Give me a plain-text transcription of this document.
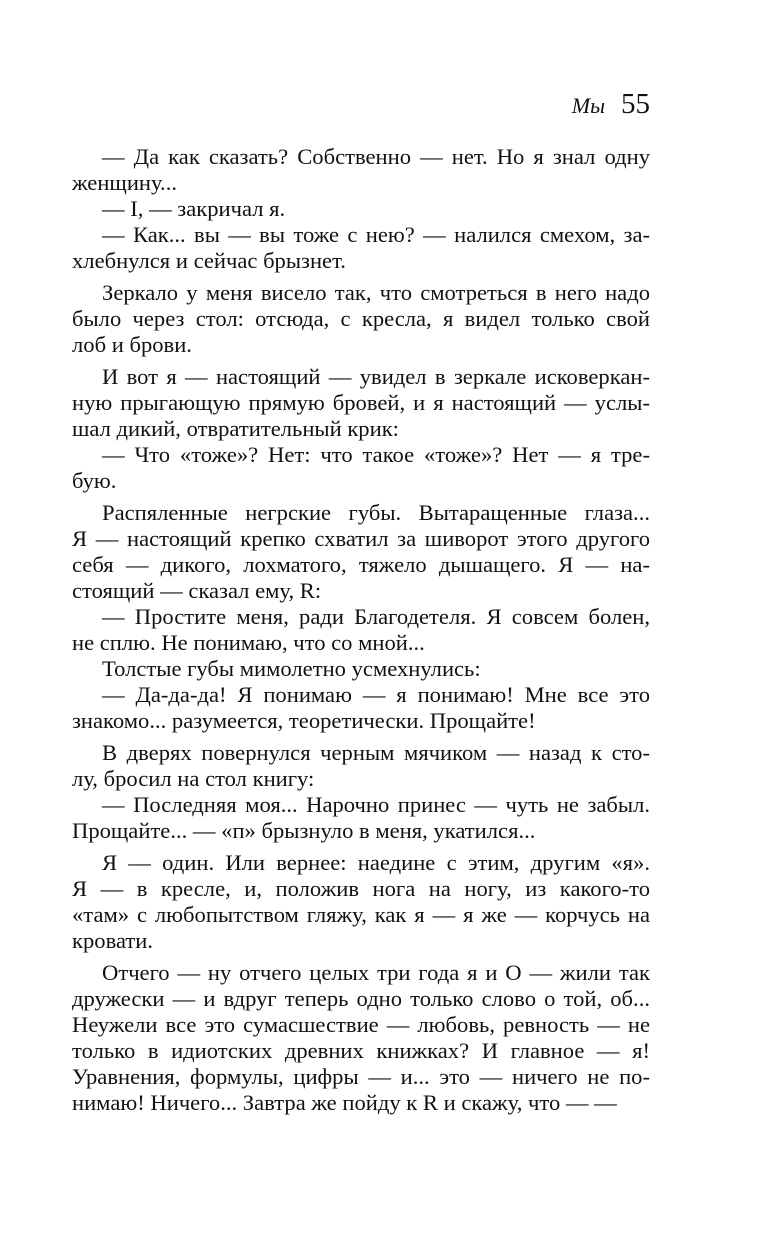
Мы 55
— Да как сказать? Собственно — нет. Но я знал одну
женщину...
— I, — закричал я.
— Как... вы — вы тоже с нею? — налился смехом, за-
хлебнулся и сейчас брызнет.
Зеркало у меня висело так, что смотреться в него надо
было через стол: отсюда, с кресла, я видел только свой
лоб и брови.
И вот я — настоящий — увидел в зеркале исковеркан-
ную прыгающую прямую бровей, и я настоящий — услы-
шал дикий, отвратительный крик:
— Что «тоже»? Нет: что такое «тоже»? Нет — я тре-
бую.
Распяленные негрские губы. Вытаращенные глаза...
Я — настоящий крепко схватил за шиворот этого другого
себя — дикого, лохматого, тяжело дышащего. Я — на-
стоящий — сказал ему, R:
— Простите меня, ради Благодетеля. Я совсем болен,
не сплю. Не понимаю, что со мной...
Толстые губы мимолетно усмехнулись:
— Да-да-да! Я понимаю — я понимаю! Мне все это
знакомо... разумеется, теоретически. Прощайте!
В дверях повернулся черным мячиком — назад к сто-
лу, бросил на стол книгу:
— Последняя моя... Нарочно принес — чуть не забыл.
Прощайте... — «п» брызнуло в меня, укатился...
Я — один. Или вернее: наедине с этим, другим «я».
Я — в кресле, и, положив нога на ногу, из какого-то
«там» с любопытством гляжу, как я — я же — корчусь на
кровати.
Отчего — ну отчего целых три года я и О — жили так
дружески — и вдруг теперь одно только слово о той, об...
Неужели все это сумасшествие — любовь, ревность — не
только в идиотских древних книжках? И главное — я!
Уравнения, формулы, цифры — и... это — ничего не по-
нимаю! Ничего... Завтра же пойду к R и скажу, что — —
